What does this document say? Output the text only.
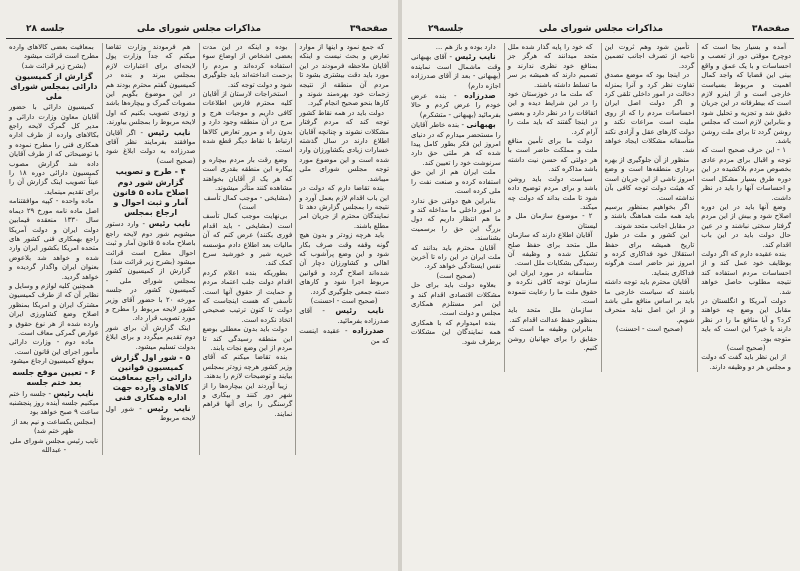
صفحه۳۹
مذاکرات مجلس شورای ملی
جلسه ۲۸

که جمع نمود و اینها از موارد تعارض و بحث نیست و اینکه آقایان ملاحظه فرمودند در این مورد باید دقت بیشتری بشود تا مردم آن منطقه از نتیجه زحمات خود بهره‌مند شوند و کارها بنحو صحیح انجام گیرد.

دولت باید در همه نقاط کشور توجه کند که مردم گرفتار مشکلات نشوند و چنانچه آقایان اطلاع دارند در سال گذشته خسارات زیادی بکشاورزان وارد شده است و این موضوع مورد توجه مجلس شورای ملی میباشد.

بنده تقاضا دارم که دولت در این باب اقدام لازم بعمل آورد و نتیجه را بمجلس گزارش دهد تا نمایندگان محترم از جریان امر مطلع باشند.

باید هرچه زودتر و بدون هیچ گونه وقفه وقت صرف بکار شود و این وضع پرآشوب که اهالی و کشاورزان دچار آن شده‌اند اصلاح گردد و قوانین مربوط اجرا شود و کارهای دسته جمعی جلوگیری گردد.

(صحیح است - احسنت)

نایب رئیس - آقای صدرزاده بفرمائید.

صدرزاده - عقیده اینست که من

بوده و اینکه در این مدت بعضی اشخاص از اوضاع سوء استفاده کرده‌اند و مردم را بزحمت انداخته‌اند باید جلوگیری شود و دولت توجه کند.

استخراجات لارستان از آقایان کلیه محترم فارس اطلاعات کافی داریم و موجبات هرج و مرج در آن منطقه وجود دارد و بدون راه و مرور تعارض کالاها ارتباط با نقاط دیگر قطع شده است.

وضع رقت بار مردم بیچاره و بیکاره این منطقه بقدری است که هر یک از آقایان بخواهند مشاهده کنند متأثر میشوند.

(مشایخی - موجب کمال تأسف است)

بی‌نهایت موجب کمال تأسف است (مشایخی - باید اقدام فوری بکنند) عرض کنم که آن مالیات بعد اطلاع دادم مؤسسه خیریه شیر و خورشید سرخ کمک کند.

بطوریکه بنده اعلام کردم اقدام دولت جلب اعتماد مردم و حمایت از حقوق آنها است. تأسفی که هست اینجاست که دولت تا کنون ترتیب صحیحی اتخاذ نکرده است.

دولت باید بدون معطلی بوضع این منطقه رسیدگی کند تا مردم از این وضع نجات یابند.

بنده تقاضا میکنم که آقای وزیر کشور هرچه زودتر بمجلس بیایند و توضیحات لازم را بدهند.

زیبا آوردند این بیچاره‌ها را از شهر دور کنند و بیکاری و گرسنگی را برای آنها فراهم نمایند.

هم فرمودند وزارت تقاضا میکنم که جداً وزارت پول لایحه‌ای برای اعتبارات لازم بمجلس ببرند و بنده در کمیسیون گفتم محترم بودند هم در این موضوع بگویم این مصوبات گمرک و بیچاره‌ها باشد و زودی تصویب بکنیم که اول لایحه مربوط را بمجلس بیاورند.

نایب رئیس - اگر آقایان موافقند بفرمایند نظر آقای صدرزاده به دولت ابلاغ شود (صحیح است)

۴ - طرح و تصویب

گزارش شور دوم اصلاح ماده ۵ قانون آمار و ثبت احوال و ارجاع بمجلس

نایب رئیس - وارد دستور میشویم شور دوم لایحه راجع باصلاح ماده ۵ قانون آمار و ثبت احوال مطرح است قرائت میشود (بشرح زیر قرائت شد)

گزارش از کمیسیون کشور بمجلس شورای ملی - کمیسیون کشور در جلسه مورخه ۲۰ با حضور آقای وزیر کشور لایحه مربوط را مطرح و مورد تصویب قرار داد.

اینک گزارش آن برای شور دوم تقدیم میگردد و برای ابلاغ بدولت تسلیم میشود.

۵ - شور اول گزارش کمیسیون قوانین دارائی راجع بمعافیت کالاهای وارده جهت اداره همکاری فنی

نایب رئیس - شور اول لایحه مربوط

بمعافیت بعضی کالاهای وارده مطرح است قرائت میشود

(بشرح زیر قرائت شد)

گزارش از کمیسیون دارائی بمجلس شورای ملی

کمیسیون دارائی با حضور آقایان معاون وزارت دارائی و مدیر کل گمرک لایحه راجع بکالاهای وارده از طرف اداره همکاری فنی را مطرح نموده و با توضیحاتی که از طرف آقایان داده شد گزارش مصوب کمیسیون دارائی دوره ۱۸ را عیناً تصویب اینک گزارش آن را برای تقدیم مینماید.

ماده واحده - کپیه موافقتنامه اصل ماده نامه مورخ ۲۹ دیماه سال ۱۳۳۰ منعقده فیمابین دولت ایران و دولت آمریکا راجع بهمکاری فنی کشور های متحده امریکا بکشور ایران وارد شده و خواهد شد بلاعوض بعنوان ایران واگذار گردیده و خواهد گردید.

همچنین کلیه لوازم و وسایل و نظایر آن که از طرف کمیسیون مشترک ایران و امریکا بمنظور اصلاح وضع کشاورزی ایران وارده شده از هر نوع حقوق و عوارض گمرکی معاف است.

ماده دوم - وزارت دارائی مأمور اجرای این قانون است.

بموقع کمیسیون ارجاع میشود

۶ - تعیین موقع جلسه بعد ختم جلسه

نایب رئیس - جلسه را ختم میکنیم جلسه آینده روز پنجشنبه ساعت ۹ صبح خواهد بود

(مجلس یکساعت و نیم بعد از ظهر ختم شد)

نایب رئیس مجلس شورای ملی - عبدالله

صفحه۳۸
مذاکرات مجلس شورای ملی
جلسه۲۹

آمده و بسیار بجا است که دوچرخ موقتی دور از تعصب و احساسات و با یک عمق و واقع بینی این قضایا که واجد کمال اهمیت و مربوط بسیاست خارجی است و از اینرو لازم است که بیطرفانه در این جریان دقیق شد و تجزیه و تحلیل شود و بنابراین لازم است که مجلس روشن گردد تا برای ملت روشن باشد.

۱ - این حرف صحیح است که توجه و اقبال برای مردم عادی بخصوص مردم بلاکشیده در این دوره طرق بسیار مشکل است و احساسات آنها را باید در نظر داشت.

وضع آنها باید در این دوره اصلاح شود و بیش از این مردم گرفتار سختی نباشند و در عین حال دولت باید در این باب اقدام کند.

بنده عقیده دارم که اگر دولت بوظایف خود عمل کند و از احساسات مردم استفاده کند نتیجه مطلوب حاصل خواهد شد.

دولت آمریکا و انگلستان در مقابل این وضع چه خواهند کرد؟ و آیا منافع ما را در نظر دارند یا خیر؟ این است که باید متوجه بود.

(صحیح است)

از این نظر باید گفت که دولت و مجلس هر دو وظیفه دارند.

تأمین شود وهم ثروت این ناحیه از تصرف اجانب تضمین گردد.

در اینجا بود که موضع مصدق تفاوت نظر کرد و آنرا بمنزله دخالت در امور داخلی تلقی کرد و اگر دولت اصل ایران احساسات مردم را که از روی ملیت است مراعات نکند و دولت کارهای عقل و آزادی نکند متأسفانه مشکلات ایجاد خواهد شد.

منظور از آن جلوگیری از بهره برداری منطقه‌ها است و وضع امروز ناشی از این جریان است که هیئت دولت توجه کافی بآن نداشته است.

اگر بخواهیم بمنظور برسیم باید همه ملت هماهنگ باشند و در مقابل اجانب متحد شوند.

این کشور و ملت در طول تاریخ همیشه برای حفظ استقلال خود فداکاری کرده و امروز نیز حاضر است هرگونه فداکاری بنماید.

آقایان محترم باید توجه داشته باشند که سیاست خارجی ما باید بر اساس منافع ملی باشد و از این اصل نباید منحرف شویم.

(صحیح است - احسنت)

که خود را پایه گذار شده ملل متحد میدانند که هرگز جز بمنافع خود نظری ندارند و تصمیم دارند که همیشه بر سر ما تسلط داشته باشند.

که ملت ما در خوزستان خود را در این شرایط دیده و این اتفاقات را در نظر دارد و بعضی در اینجا گفتند که باید ملت را آرام کرد.

دولت ما برای تأمین منافع ملت و مملکت حاضر است با هر دولتی که حسن نیت داشته باشد مذاکره کند.

سیاست دولت باید روشن باشد و برای مردم توضیح داده شود تا ملت بداند که دولت چه میکند.

۲ - موضوع سازمان ملل و لیستان

آقایان اطلاع دارند که سازمان ملل متحد برای حفظ صلح تشکیل شده و وظیفه آن رسیدگی بشکایات ملل است.

متأسفانه در مورد ایران این سازمان توجه کافی نکرده و حقوق ملت ما را رعایت ننموده است.

سازمان ملل متحد باید بمنظور حفظ عدالت اقدام کند.

بنابراین وظیفه ما است که حقایق را برای جهانیان روشن کنیم.

دارد بوده و باز هم ...

نایب رئیس - آقای بهبهانی وقت ماشمال است نماینده (بهبهانی - بعد از آقای صدرزاده اجازه دارم)

صدرزاده - بنده عرض خودم را عرض کردم و حالا بفرمائید (بهبهانی - متشکرم)

بهبهانی - بنده خاطر آقایان را مستحضر میدارم که در دنیای امروز این فکر بطور کامل پیدا شده که هر ملتی حق دارد سرنوشت خود را تعیین کند.

ملت ایران هم از این حق استفاده کرده و صنعت نفت را ملی کرده است.

بنابراین هیچ دولتی حق ندارد در امور داخلی ما مداخله کند و ما هم انتظار داریم که دول بزرگ این حق را برسمیت بشناسند.

آقایان محترم باید بدانند که ملت ایران در این راه تا آخرین نفس ایستادگی خواهد کرد.

(صحیح است)

بعلاوه دولت باید برای حل مشکلات اقتصادی اقدام کند و این امر مستلزم همکاری مجلس و دولت است.

بنده امیدوارم که با همکاری همه نمایندگان این مشکلات برطرف شود.
